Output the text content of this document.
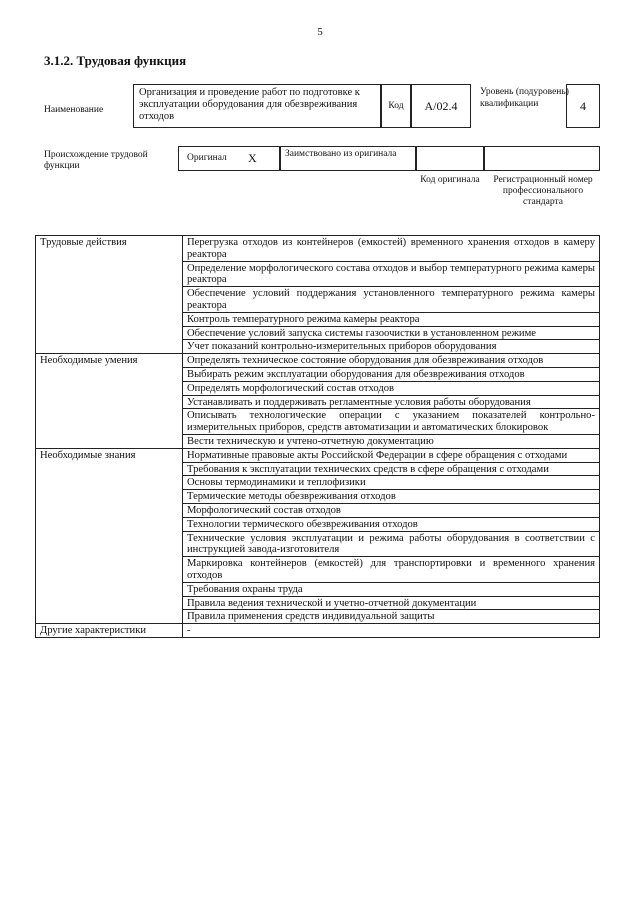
5
3.1.2. Трудовая функция
Наименование
Организация и проведение работ по подготовке к эксплуатации оборудования для обезвреживания отходов
Код	A/02.4
Уровень (подуровень) квалификации	4
Происхождение трудовой функции
Оригинал X	Заимствовано из оригинала
Код оригинала	Регистрационный номер профессионального стандарта
Трудовые действия	Перегрузка отходов из контейнеров (емкостей) временного хранения отходов в камеру реактора
	Определение морфологического состава отходов и выбор температурного режима камеры реактора
	Обеспечение условий поддержания установленного температурного режима камеры реактора
	Контроль температурного режима камеры реактора
	Обеспечение условий запуска системы газоочистки в установленном режиме
	Учет показаний контрольно-измерительных приборов оборудования
Необходимые умения	Определять техническое состояние оборудования для обезвреживания отходов
	Выбирать режим эксплуатации оборудования для обезвреживания отходов
	Определять морфологический состав отходов
	Устанавливать и поддерживать регламентные условия работы оборудования
	Описывать технологические операции с указанием показателей контрольно-измерительных приборов, средств автоматизации и автоматических блокировок
	Вести техническую и учтено-отчетную документацию
Необходимые знания	Нормативные правовые акты Российской Федерации в сфере обращения с отходами
	Требования к эксплуатации технических средств в сфере обращения с отходами
	Основы термодинамики и теплофизики
	Термические методы обезвреживания отходов
	Морфологический состав отходов
	Технологии термического обезвреживания отходов
	Технические условия эксплуатации и режима работы оборудования в соответствии с инструкцией завода-изготовителя
	Маркировка контейнеров (емкостей) для транспортировки и временного хранения отходов
	Требования охраны труда
	Правила ведения технической и учетно-отчетной документации
	Правила применения средств индивидуальной защиты
Другие характеристики	-
